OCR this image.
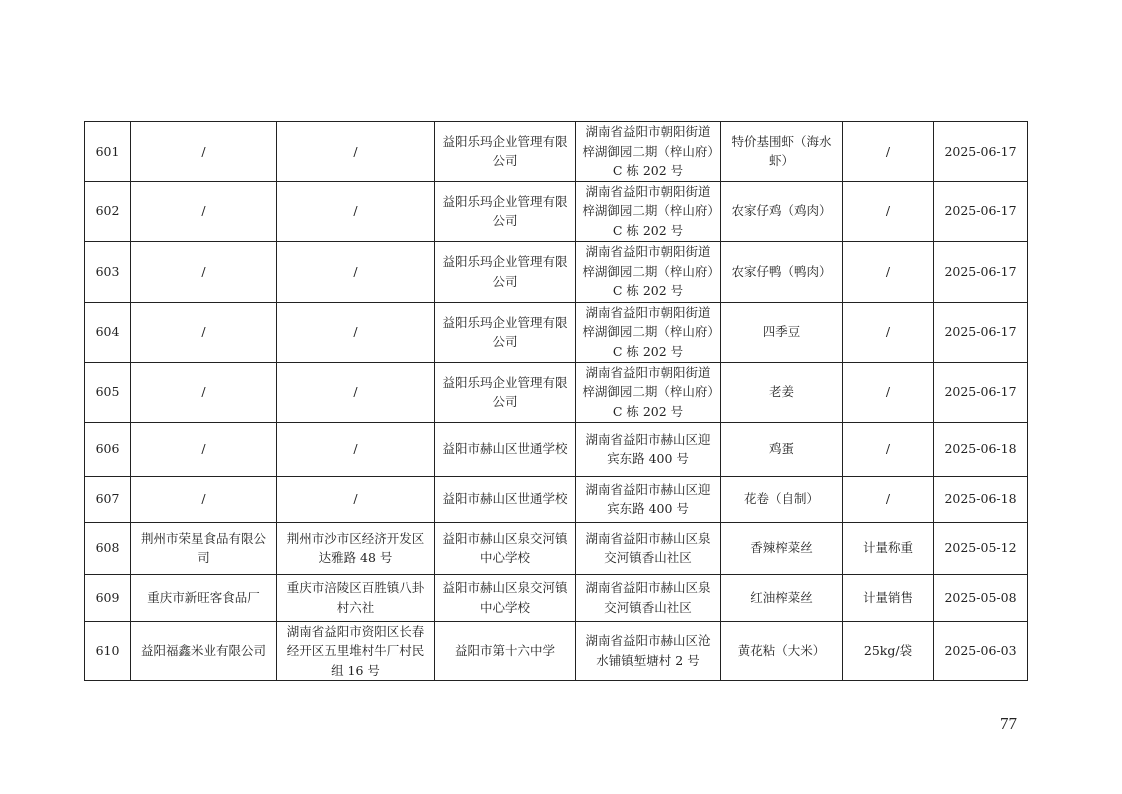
601	/	/	益阳乐玛企业管理有限公司	湖南省益阳市朝阳街道梓湖御园二期（梓山府）C 栋 202 号	特价基围虾（海水虾）	/	2025-06-17
602	/	/	益阳乐玛企业管理有限公司	湖南省益阳市朝阳街道梓湖御园二期（梓山府）C 栋 202 号	农家仔鸡（鸡肉）	/	2025-06-17
603	/	/	益阳乐玛企业管理有限公司	湖南省益阳市朝阳街道梓湖御园二期（梓山府）C 栋 202 号	农家仔鸭（鸭肉）	/	2025-06-17
604	/	/	益阳乐玛企业管理有限公司	湖南省益阳市朝阳街道梓湖御园二期（梓山府）C 栋 202 号	四季豆	/	2025-06-17
605	/	/	益阳乐玛企业管理有限公司	湖南省益阳市朝阳街道梓湖御园二期（梓山府）C 栋 202 号	老姜	/	2025-06-17
606	/	/	益阳市赫山区世通学校	湖南省益阳市赫山区迎宾东路 400 号	鸡蛋	/	2025-06-18
607	/	/	益阳市赫山区世通学校	湖南省益阳市赫山区迎宾东路 400 号	花卷（自制）	/	2025-06-18
608	荆州市荣星食品有限公司	荆州市沙市区经济开发区达雅路 48 号	益阳市赫山区泉交河镇中心学校	湖南省益阳市赫山区泉交河镇香山社区	香辣榨菜丝	计量称重	2025-05-12
609	重庆市新旺客食品厂	重庆市涪陵区百胜镇八卦村六社	益阳市赫山区泉交河镇中心学校	湖南省益阳市赫山区泉交河镇香山社区	红油榨菜丝	计量销售	2025-05-08
610	益阳福鑫米业有限公司	湖南省益阳市资阳区长春经开区五里堆村牛厂村民组 16 号	益阳市第十六中学	湖南省益阳市赫山区沧水铺镇堑塘村 2 号	黄花粘（大米）	25kg/袋	2025-06-03
77
